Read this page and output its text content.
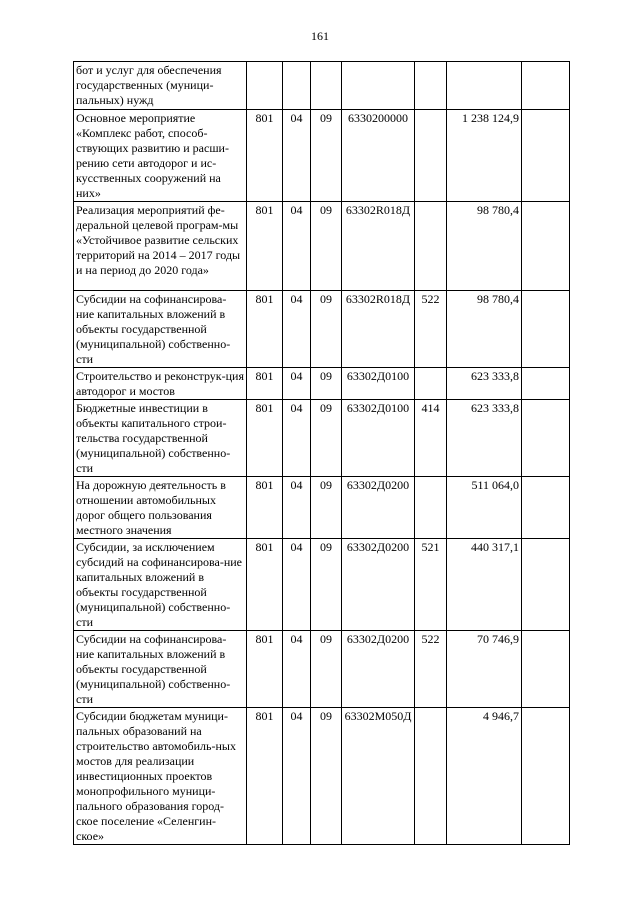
161
бот и услуг для обеспечения государственных (муници-пальных) нужд							
Основное мероприятие «Комплекс работ, способ-ствующих развитию и расши-рению сети автодорог и ис-кусственных сооружений на них»	801	04	09	6330200000		1 238 124,9	
Реализация мероприятий фе-деральной целевой програм-мы «Устойчивое развитие сельских территорий на 2014 – 2017 годы и на период до 2020 года»	801	04	09	63302R018Д		98 780,4	
Субсидии на софинансирова-ние капитальных вложений в объекты государственной (муниципальной) собственно-сти	801	04	09	63302R018Д	522	98 780,4	
Строительство и реконструк-ция автодорог и мостов	801	04	09	63302Д0100		623 333,8	
Бюджетные инвестиции в объекты капитального строи-тельства государственной (муниципальной) собственно-сти	801	04	09	63302Д0100	414	623 333,8	
На дорожную деятельность в отношении автомобильных дорог общего пользования местного значения	801	04	09	63302Д0200		511 064,0	
Субсидии, за исключением субсидий на софинансирова-ние капитальных вложений в объекты государственной (муниципальной) собственно-сти	801	04	09	63302Д0200	521	440 317,1	
Субсидии на софинансирова-ние капитальных вложений в объекты государственной (муниципальной) собственно-сти	801	04	09	63302Д0200	522	70 746,9	
Субсидии бюджетам муници-пальных образований на строительство автомобиль-ных мостов для реализации инвестиционных проектов монопрофильного муници-пального образования город-ское поселение «Селенгин-ское»	801	04	09	63302М050Д		4 946,7	
